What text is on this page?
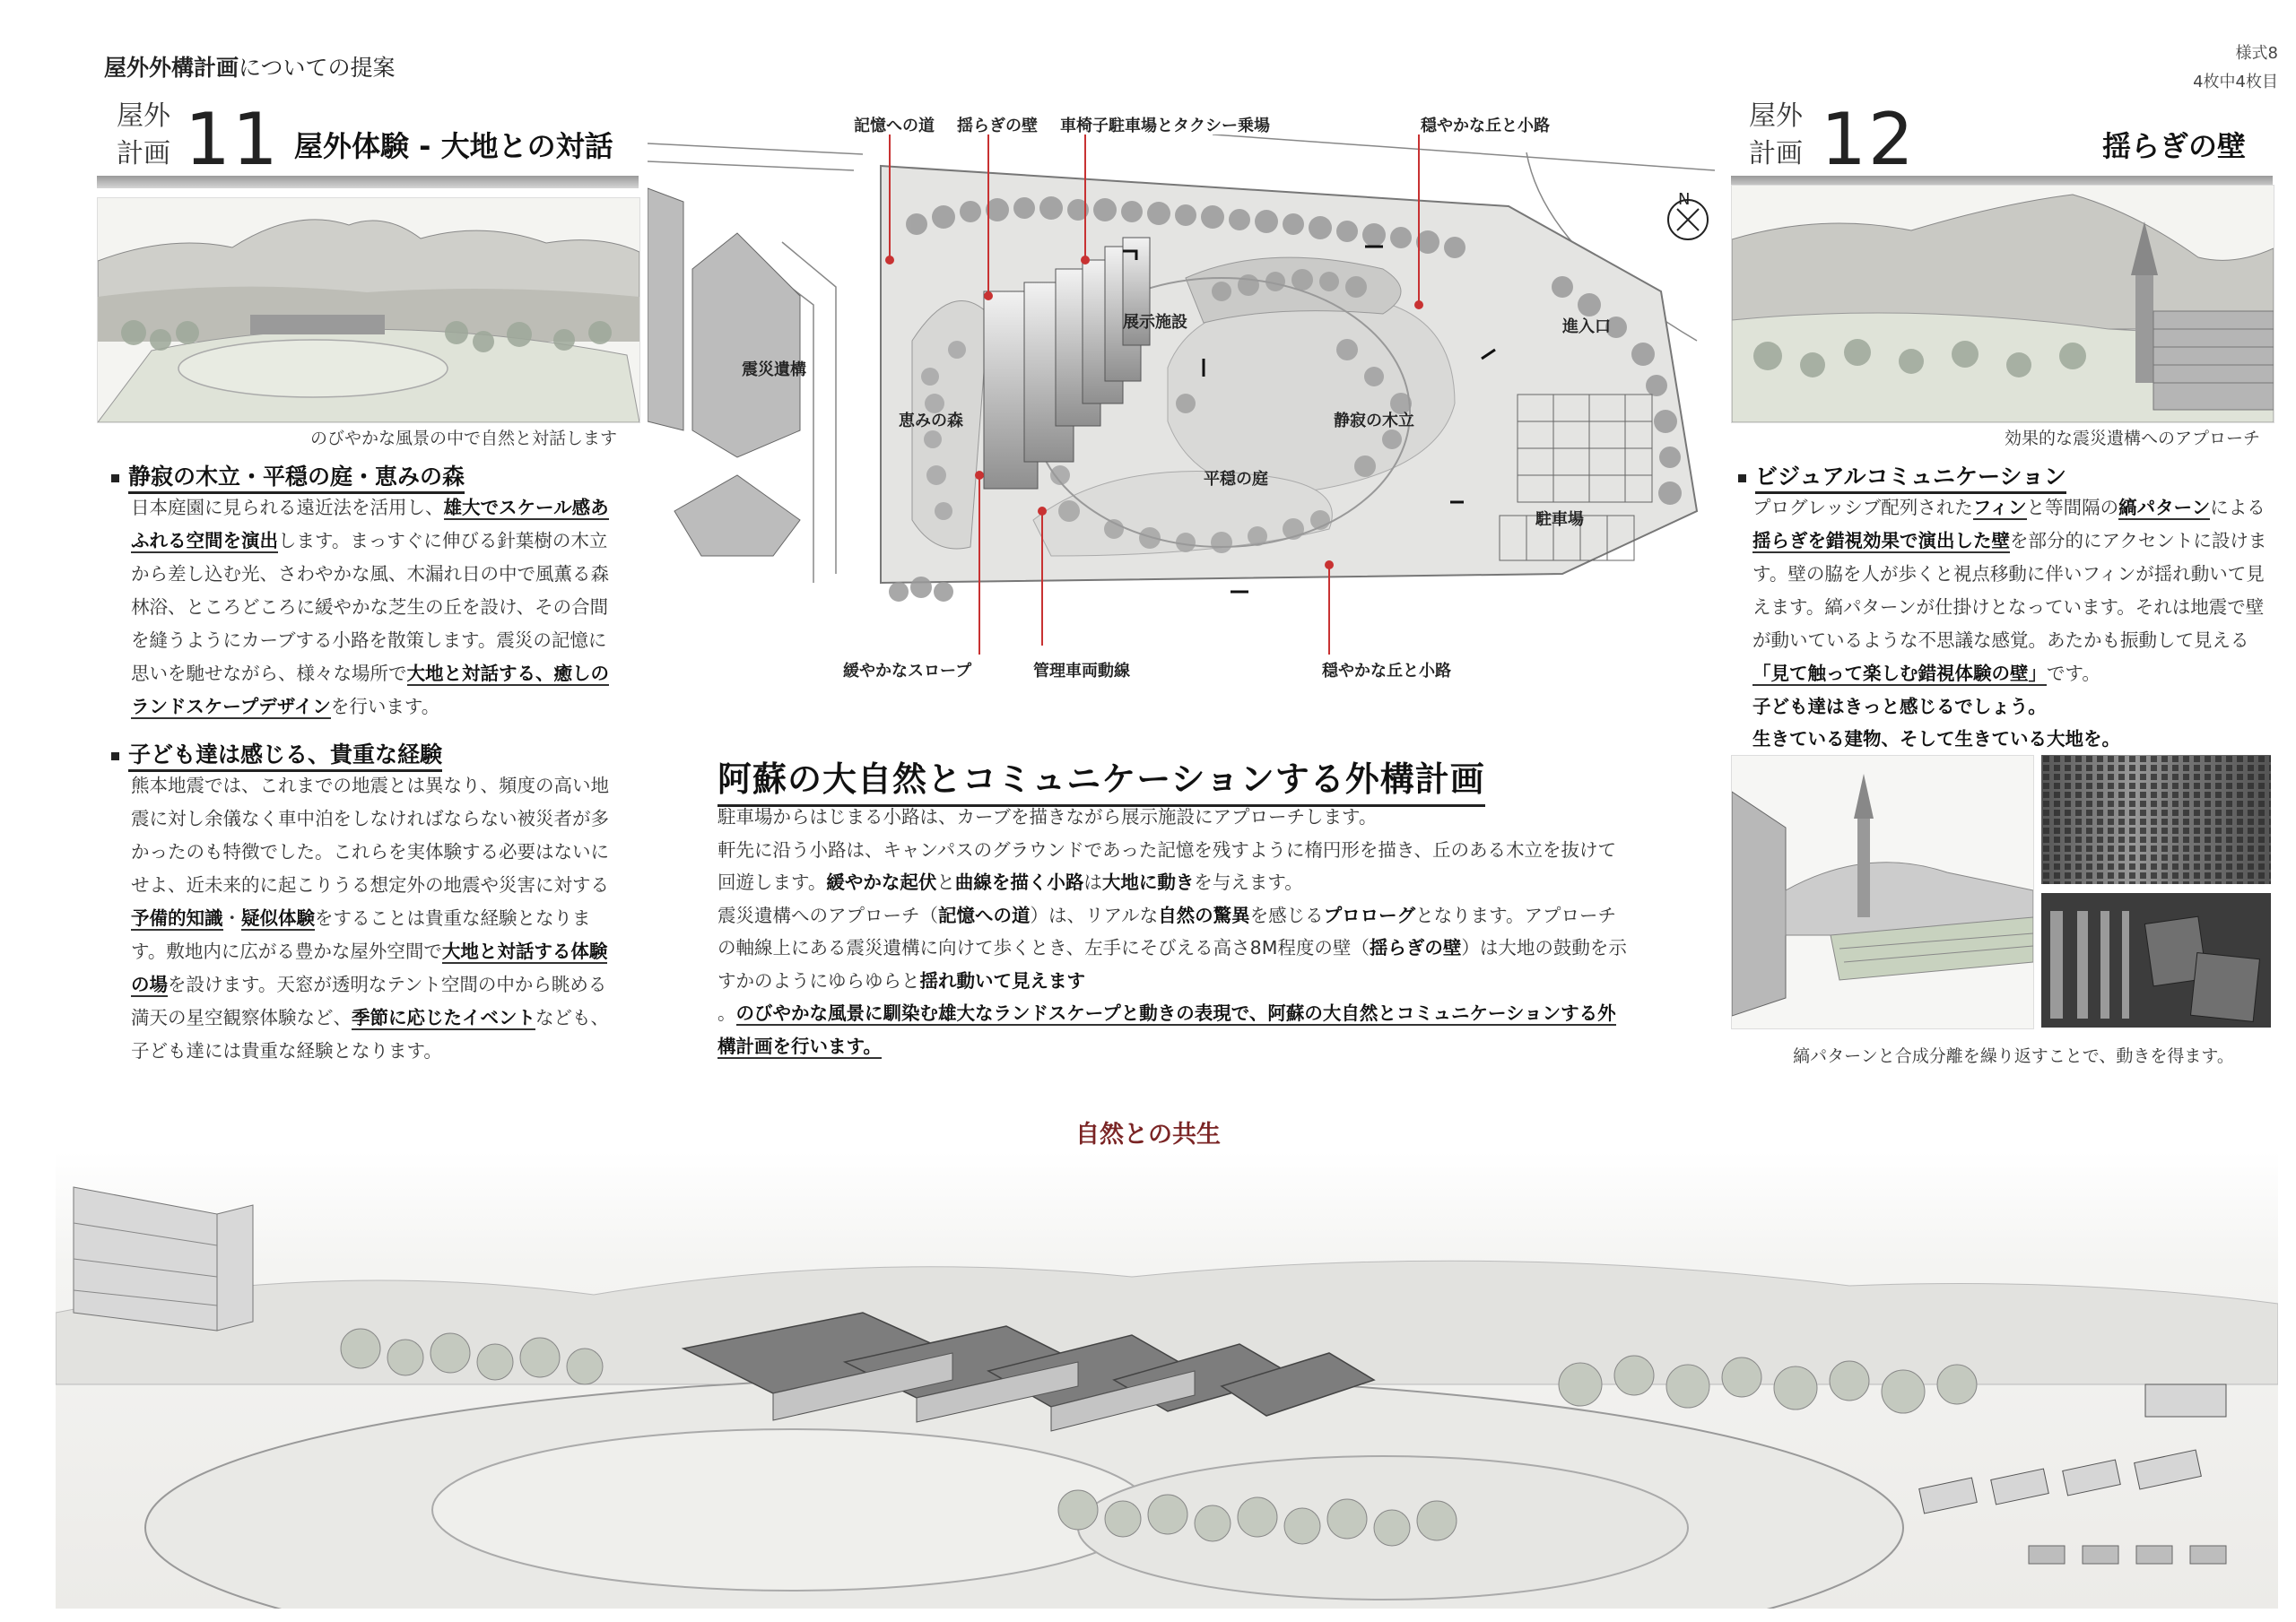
屋外外構計画についての提案
様式8
4枚中4枚目
屋外
計画 11 屋外体験 - 大地との対話
のびやかな風景の中で自然と対話します
静寂の木立・平穏の庭・恵みの森
日本庭園に見られる遠近法を活用し、雄大でスケール感あふれる空間を演出します。まっすぐに伸びる針葉樹の木立から差し込む光、さわやかな風、木漏れ日の中で風薫る森林浴、ところどころに緩やかな芝生の丘を設け、その合間を縫うようにカーブする小路を散策します。震災の記憶に思いを馳せながら、様々な場所で大地と対話する、癒しのランドスケープデザインを行います。
子ども達は感じる、貴重な経験
熊本地震では、これまでの地震とは異なり、頻度の高い地震に対し余儀なく車中泊をしなければならない被災者が多かったのも特徴でした。これらを実体験する必要はないにせよ、近未来的に起こりうる想定外の地震や災害に対する予備的知識・疑似体験をすることは貴重な経験となります。敷地内に広がる豊かな屋外空間で大地と対話する体験の場を設けます。天窓が透明なテント空間の中から眺める満天の星空観察体験など、季節に応じたイベントなども、子ども達には貴重な経験となります。
記憶への道 揺らぎの壁 車椅子駐車場とタクシー乗場	穏やかな丘と小路
緩やかなスロープ	管理車両動線	穏やかな丘と小路
震災遺構
恵みの森
展示施設
静寂の木立
平穏の庭
進入口
駐車場
N
阿蘇の大自然とコミュニケーションする外構計画
駐車場からはじまる小路は、カーブを描きながら展示施設にアプローチします。
軒先に沿う小路は、キャンパスのグラウンドであった記憶を残すように楕円形を描き、丘のある木立を抜けて回遊します。緩やかな起伏と曲線を描く小路は大地に動きを与えます。
震災遺構へのアプローチ（記憶への道）は、リアルな自然の驚異を感じるプロローグとなります。アプローチの軸線上にある震災遺構に向けて歩くとき、左手にそびえる高さ8M程度の壁（揺らぎの壁）は大地の鼓動を示すかのようにゆらゆらと揺れ動いて見えます
。のびやかな風景に馴染む雄大なランドスケープと動きの表現で、阿蘇の大自然とコミュニケーションする外構計画を行います。
屋外
計画 12	揺らぎの壁
効果的な震災遺構へのアプローチ
ビジュアルコミュニケーション
プログレッシブ配列されたフィンと等間隔の縞パターンによる揺らぎを錯視効果で演出した壁を部分的にアクセントに設けます。壁の脇を人が歩くと視点移動に伴いフィンが揺れ動いて見えます。縞パターンが仕掛けとなっています。それは地震で壁が動いているような不思議な感覚。あたかも振動して見える「見て触って楽しむ錯視体験の壁」です。
子ども達はきっと感じるでしょう。
生きている建物、そして生きている大地を。
縞パターンと合成分離を繰り返すことで、動きを得ます。
自然との共生
